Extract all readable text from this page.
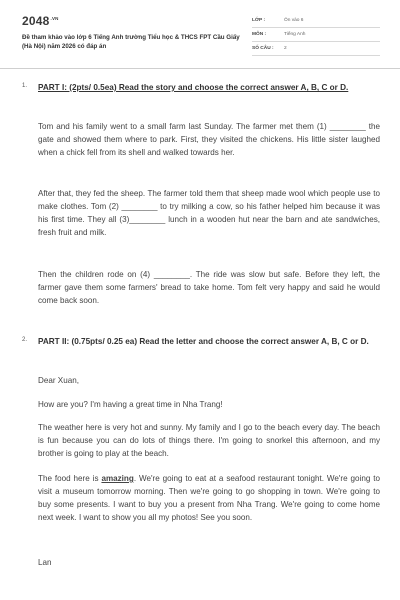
$2048^{.VN}$
Đề tham khảo vào lớp 6 Tiếng Anh trường Tiểu học & THCS FPT Cầu Giấy (Hà Nội) năm 2026 có đáp án
LỚP :	Ôn vào 6
MÔN :	Tiếng Anh
SỐ CÂU : 2
1. PART I: (2pts/ 0.5ea) Read the story and choose the correct answer A, B, C or D.
Tom and his family went to a small farm last Sunday. The farmer met them (1) ________ the gate and showed them where to park. First, they visited the chickens. His little sister laughed when a chick fell from its shell and walked towards her.
After that, they fed the sheep. The farmer told them that sheep made wool which people use to make clothes. Tom (2) ________ to try milking a cow, so his father helped him because it was his first time. They all (3)________ lunch in a wooden hut near the barn and ate sandwiches, fresh fruit and milk.
Then the children rode on (4) ________. The ride was slow but safe. Before they left, the farmer gave them some farmers' bread to take home. Tom felt very happy and said he would come back soon.
2. PART II: (0.75pts/ 0.25 ea) Read the letter and choose the correct answer A, B, C or D.
Dear Xuan,
How are you? I'm having a great time in Nha Trang!
The weather here is very hot and sunny. My family and I go to the beach every day. The beach is fun because you can do lots of things there. I'm going to snorkel this afternoon, and my brother is going to play at the beach.
The food here is amazing. We're going to eat at a seafood restaurant tonight. We're going to visit a museum tomorrow morning. Then we're going to go shopping in town. We're going to buy some presents. I want to buy you a present from Nha Trang. We're going to come home next week. I want to show you all my photos! See you soon.
Lan
